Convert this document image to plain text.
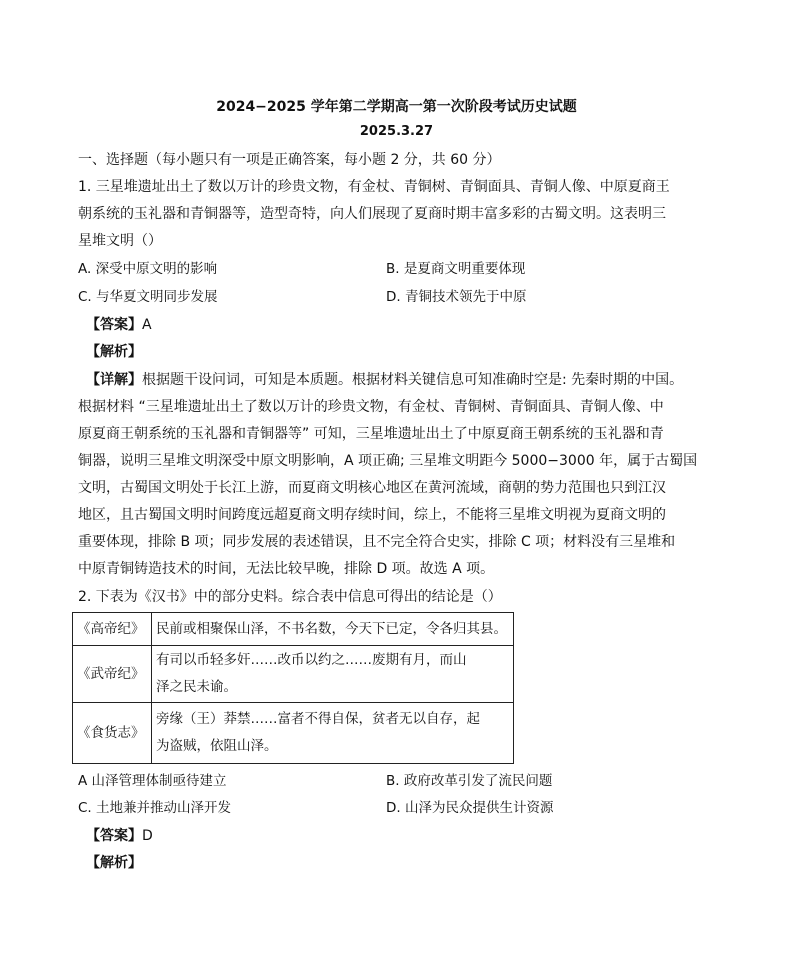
2024−2025 学年第二学期高一第一次阶段考试历史试题
2025.3.27
一、选择题（每小题只有一项是正确答案，每小题 2 分，共 60 分）
1. 三星堆遗址出土了数以万计的珍贵文物，有金杖、青铜树、青铜面具、青铜人像、中原夏商王
朝系统的玉礼器和青铜器等，造型奇特，向人们展现了夏商时期丰富多彩的古蜀文明。这表明三
星堆文明（）
A. 深受中原文明的影响	B. 是夏商文明重要体现
C. 与华夏文明同步发展	D. 青铜技术领先于中原
【答案】A
【解析】
【详解】根据题干设问词，可知是本质题。根据材料关键信息可知准确时空是: 先秦时期的中国。
根据材料 “三星堆遗址出土了数以万计的珍贵文物，有金杖、青铜树、青铜面具、青铜人像、中
原夏商王朝系统的玉礼器和青铜器等” 可知，三星堆遗址出土了中原夏商王朝系统的玉礼器和青
铜器，说明三星堆文明深受中原文明影响，A 项正确; 三星堆文明距今 5000−3000 年，属于古蜀国
文明，古蜀国文明处于长江上游，而夏商文明核心地区在黄河流域，商朝的势力范围也只到江汉
地区，且古蜀国文明时间跨度远超夏商文明存续时间，综上，不能将三星堆文明视为夏商文明的
重要体现，排除 B 项；同步发展的表述错误，且不完全符合史实，排除 C 项；材料没有三星堆和
中原青铜铸造技术的时间，无法比较早晚，排除 D 项。故选 A 项。
2. 下表为《汉书》中的部分史料。综合表中信息可得出的结论是（）
《高帝纪》	民前或相聚保山泽，不书名数，今天下已定，令各归其县。

《武帝纪》	有司以币轻多奸……改币以约之……废期有月，而山
泽之民未谕。

《食货志》	旁缘（王）莽禁……富者不得自保，贫者无以自存，起
为盗贼，依阻山泽。
A 山泽管理体制亟待建立	B. 政府改革引发了流民问题
C. 土地兼并推动山泽开发	D. 山泽为民众提供生计资源
【答案】D
【解析】
